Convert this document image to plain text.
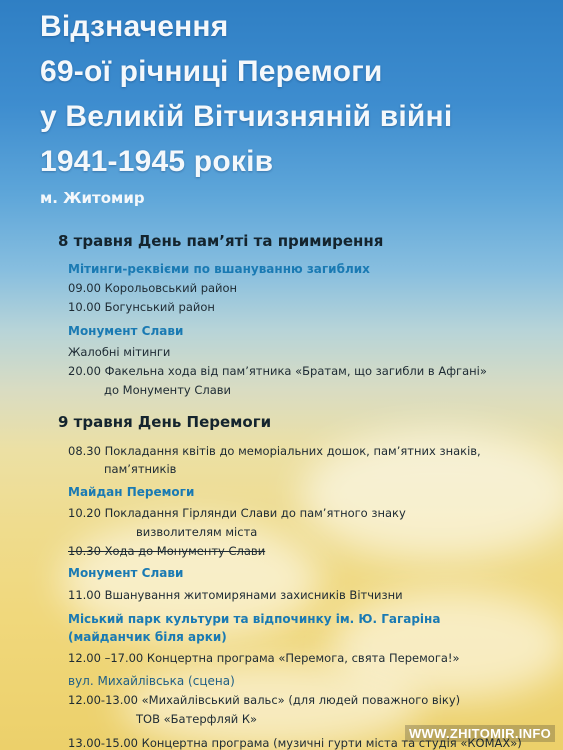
Відзначення
69-ої річниці Перемоги
у Великій Вітчизняній війні
1941-1945 років
м. Житомир
8 травня День пам’яті та примирення
Мітинги-реквієми по вшануванню загиблих
09.00 Корольовський район
10.00 Богунський район
Монумент Слави
Жалобні мітинги
20.00 Факельна хода від пам’ятника «Братам, що загибли в Афгані»
до Монументу Слави
9 травня День Перемоги
08.30 Покладання квітів до меморіальних дошок, пам’ятних знаків,
пам’ятників
Майдан Перемоги
10.20 Покладання Гірлянди Слави до пам’ятного знаку
визволителям міста
10.30 Хода до Монументу Слави
Монумент Слави
11.00 Вшанування житомирянами захисників Вітчизни
Міський парк культури та відпочинку ім. Ю. Гагаріна
(майданчик біля арки)
12.00 –17.00 Концертна програма «Перемога, свята Перемога!»
вул. Михайлівська (сцена)
12.00-13.00 «Михайлівський вальс» (для людей поважного віку)
ТОВ «Батерфляй К»
13.00-15.00 Концертна програма (музичні гурти міста та студія «КОМАХ»)
WWW.ZHITOMIR.INFO
